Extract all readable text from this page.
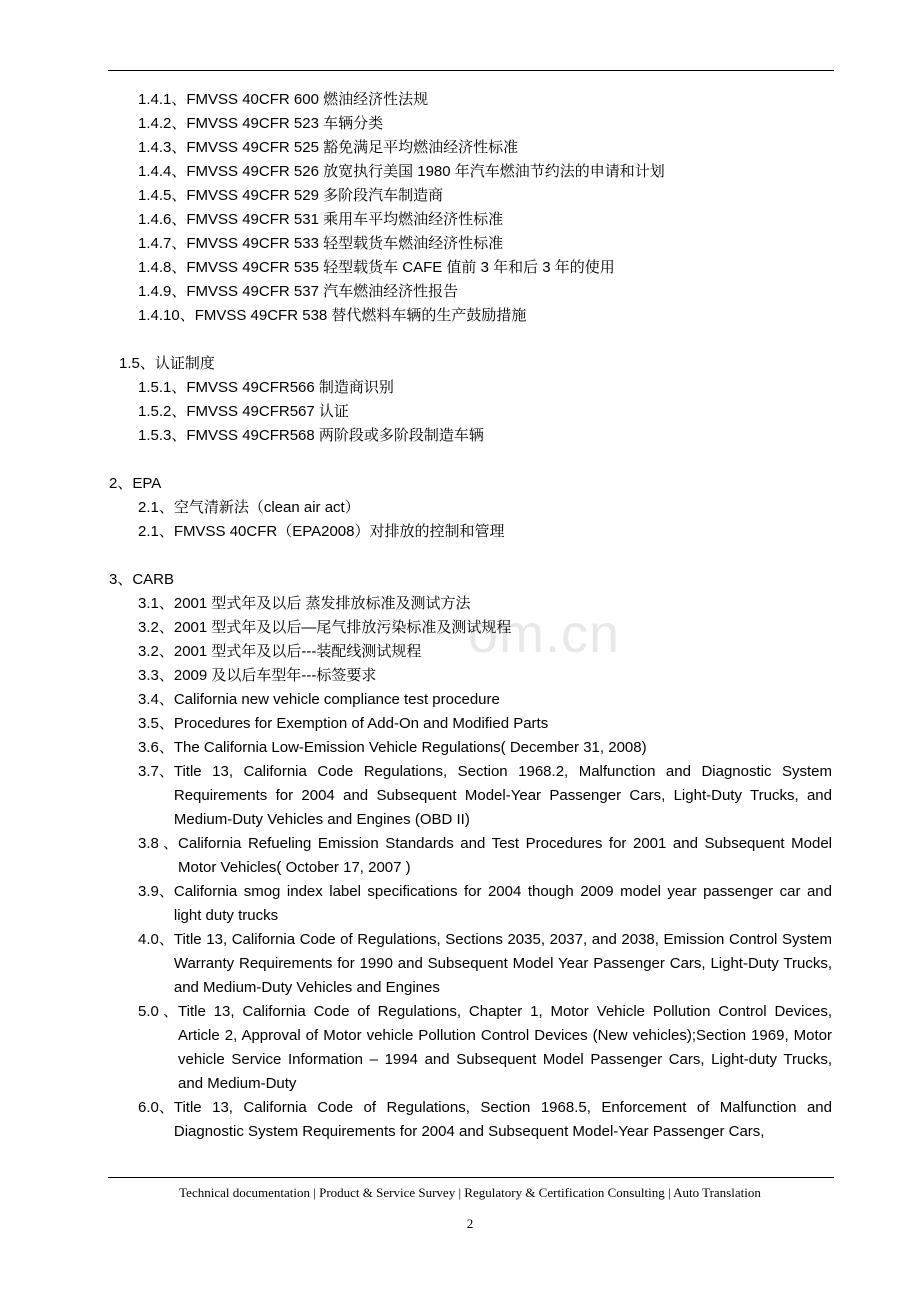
om.cn
1.4.1、FMVSS 40CFR 600 燃油经济性法规
1.4.2、FMVSS 49CFR 523 车辆分类
1.4.3、FMVSS 49CFR 525 豁免满足平均燃油经济性标准
1.4.4、FMVSS 49CFR 526 放宽执行美国 1980 年汽车燃油节约法的申请和计划
1.4.5、FMVSS 49CFR 529 多阶段汽车制造商
1.4.6、FMVSS 49CFR 531 乘用车平均燃油经济性标准
1.4.7、FMVSS 49CFR 533 轻型载货车燃油经济性标准
1.4.8、FMVSS 49CFR 535 轻型载货车 CAFE 值前 3 年和后 3 年的使用
1.4.9、FMVSS 49CFR 537 汽车燃油经济性报告
1.4.10、FMVSS 49CFR 538 替代燃料车辆的生产鼓励措施
1.5、认证制度
1.5.1、FMVSS 49CFR566 制造商识别
1.5.2、FMVSS 49CFR567 认证
1.5.3、FMVSS 49CFR568 两阶段或多阶段制造车辆
2、EPA
2.1、空气清新法（clean air act）
2.1、FMVSS 40CFR（EPA2008）对排放的控制和管理
3、CARB
3.1、2001 型式年及以后 蒸发排放标准及测试方法
3.2、2001 型式年及以后—尾气排放污染标准及测试规程
3.2、2001 型式年及以后---装配线测试规程
3.3、2009 及以后车型年---标签要求
3.4、California new vehicle compliance test procedure
3.5、Procedures for Exemption of Add-On and Modified Parts
3.6、The California Low-Emission Vehicle Regulations( December 31, 2008)
3.7、 Title 13, California Code Regulations, Section 1968.2, Malfunction and Diagnostic System Requirements for 2004 and Subsequent Model-Year Passenger Cars, Light-Duty Trucks, and Medium-Duty Vehicles and Engines (OBD II)
3.8 、 California Refueling Emission Standards and Test Procedures for 2001 and Subsequent Model Motor Vehicles( October 17, 2007 )
3.9、 California smog index label specifications for 2004 though 2009 model year passenger car and light duty trucks
4.0、 Title 13, California Code of Regulations, Sections 2035, 2037, and 2038, Emission Control System Warranty Requirements for 1990 and Subsequent Model Year Passenger Cars, Light-Duty Trucks, and Medium-Duty Vehicles and Engines
5.0 、 Title 13, California Code of Regulations, Chapter 1, Motor Vehicle Pollution Control Devices, Article 2, Approval of Motor vehicle Pollution Control Devices (New vehicles);Section 1969, Motor vehicle Service Information – 1994 and Subsequent Model Passenger Cars, Light-duty Trucks, and Medium-Duty
6.0、 Title 13, California Code of Regulations, Section 1968.5, Enforcement of Malfunction and Diagnostic System Requirements for 2004 and Subsequent Model-Year Passenger Cars,
Technical documentation | Product & Service Survey | Regulatory & Certification Consulting | Auto Translation
2
